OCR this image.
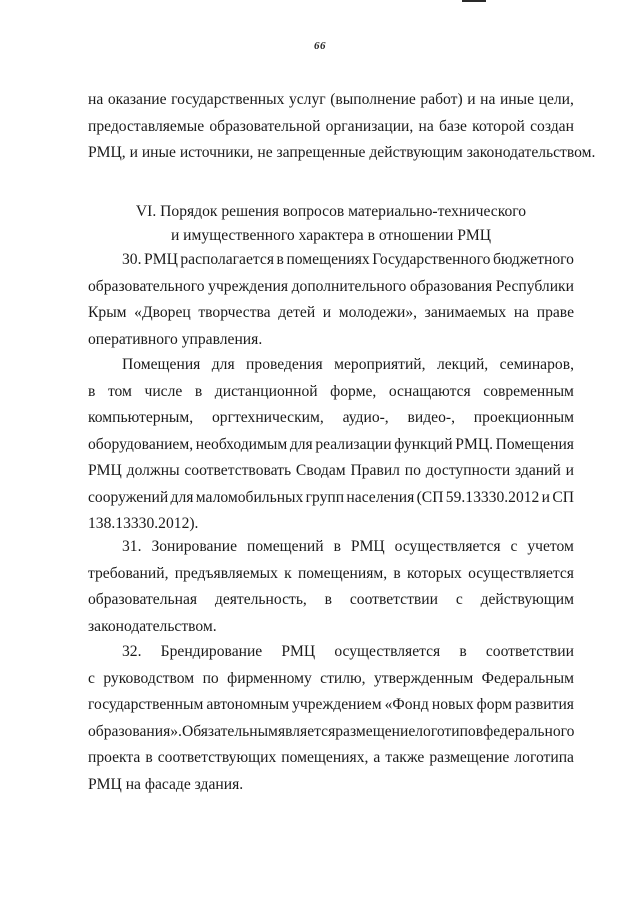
66
на оказание государственных услуг (выполнение работ) и на иные цели,
предоставляемые образовательной организации, на базе которой создан
РМЦ, и иные источники, не запрещенные действующим законодательством.
VI. Порядок решения вопросов материально-технического
и имущественного характера в отношении РМЦ
30. РМЦ располагается в помещениях Государственного бюджетного
образовательного учреждения дополнительного образования Республики
Крым «Дворец творчества детей и молодежи», занимаемых на праве
оперативного управления.
Помещения для проведения мероприятий, лекций, семинаров,
в том числе в дистанционной форме, оснащаются современным
компьютерным, оргтехническим, аудио-, видео-, проекционным
оборудованием, необходимым для реализации функций РМЦ. Помещения
РМЦ должны соответствовать Сводам Правил по доступности зданий и
сооружений для маломобильных групп населения (СП 59.13330.2012 и СП
138.13330.2012).
31. Зонирование помещений в РМЦ осуществляется с учетом
требований, предъявляемых к помещениям, в которых осуществляется
образовательная деятельность, в соответствии с действующим
законодательством.
32. Брендирование РМЦ осуществляется в соответствии
с руководством по фирменному стилю, утвержденным Федеральным
государственным автономным учреждением «Фонд новых форм развития
образования». Обязательным является размещение логотипов федерального
проекта в соответствующих помещениях, а также размещение логотипа
РМЦ на фасаде здания.
